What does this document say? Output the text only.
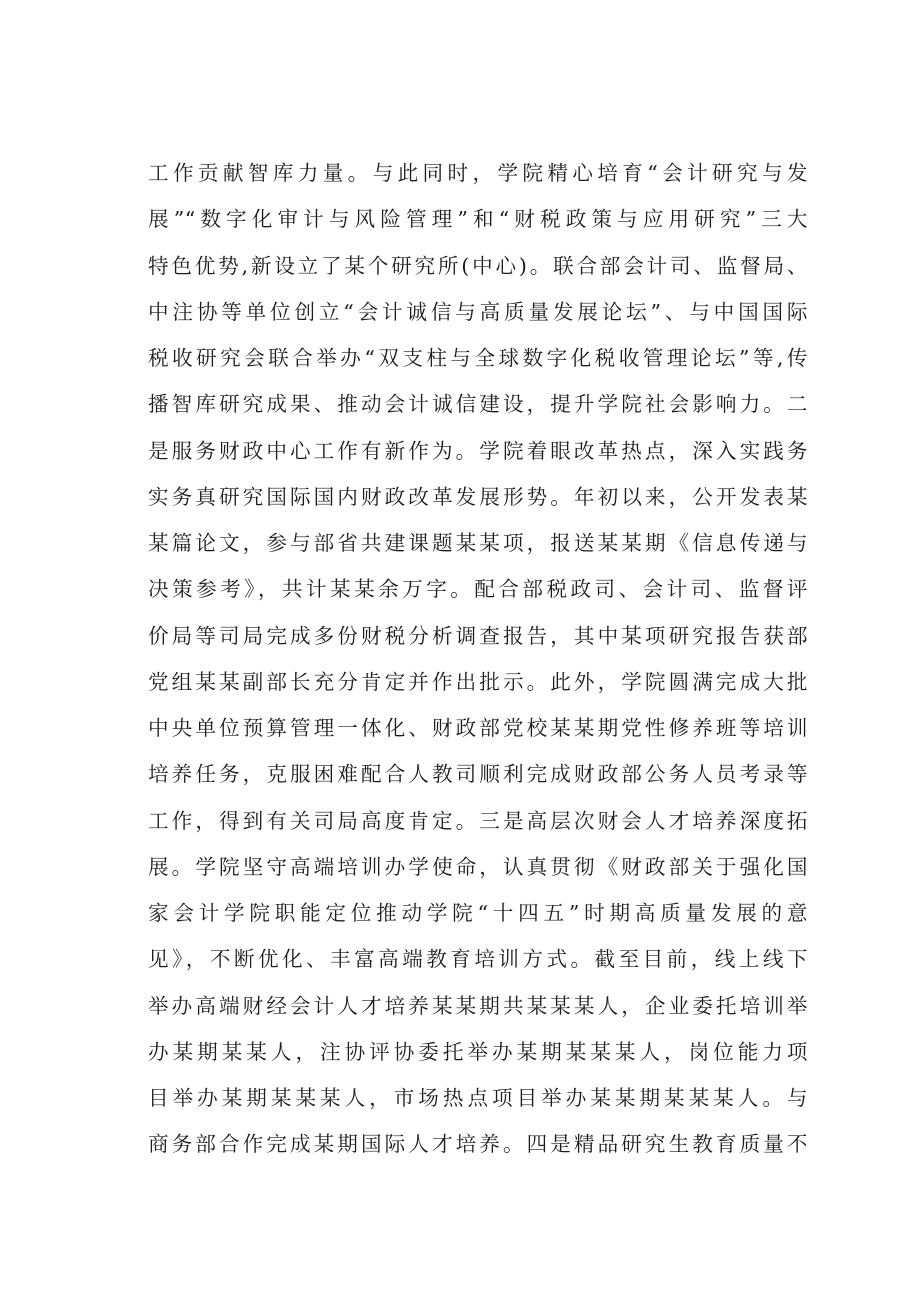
工作贡献智库力量。与此同时，学院精心培育“会计研究与发
展”“数字化审计与风险管理”和“财税政策与应用研究”三大
特色优势,新设立了某个研究所(中心)。联合部会计司、监督局、
中注协等单位创立“会计诚信与高质量发展论坛”、与中国国际
税收研究会联合举办“双支柱与全球数字化税收管理论坛”等,传
播智库研究成果、推动会计诚信建设，提升学院社会影响力。二
是服务财政中心工作有新作为。学院着眼改革热点，深入实践务
实务真研究国际国内财政改革发展形势。年初以来，公开发表某
某篇论文，参与部省共建课题某某项，报送某某期《信息传递与
决策参考》，共计某某余万字。配合部税政司、会计司、监督评
价局等司局完成多份财税分析调查报告，其中某项研究报告获部
党组某某副部长充分肯定并作出批示。此外，学院圆满完成大批
中央单位预算管理一体化、财政部党校某某期党性修养班等培训
培养任务，克服困难配合人教司顺利完成财政部公务人员考录等
工作，得到有关司局高度肯定。三是高层次财会人才培养深度拓
展。学院坚守高端培训办学使命，认真贯彻《财政部关于强化国
家会计学院职能定位推动学院“十四五”时期高质量发展的意
见》，不断优化、丰富高端教育培训方式。截至目前，线上线下
举办高端财经会计人才培养某某期共某某某人，企业委托培训举
办某期某某人，注协评协委托举办某期某某某人，岗位能力项
目举办某期某某某人，市场热点项目举办某某期某某某人。与
商务部合作完成某期国际人才培养。四是精品研究生教育质量不
